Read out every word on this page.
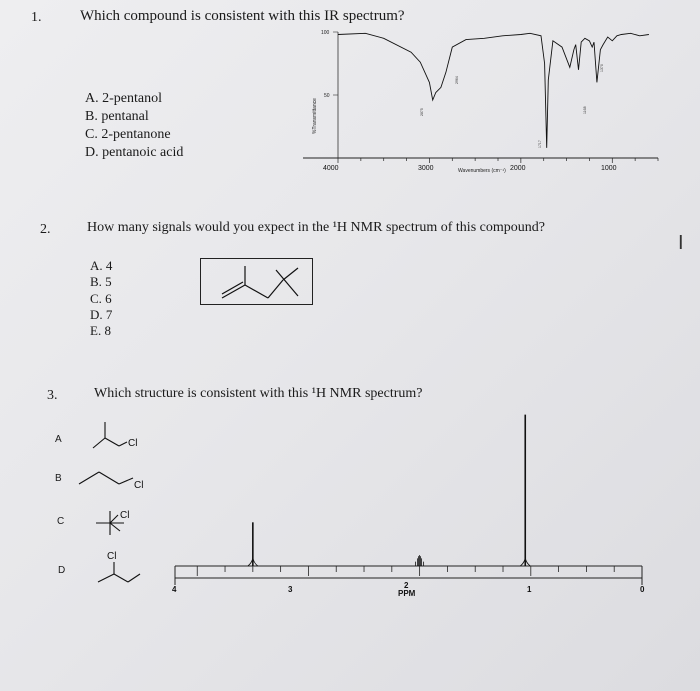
1.	Which compound is consistent with this IR spectrum?
A. 2-pentanol
B. pentanal
C. 2-pentanone
D. pentanoic acid
100
50
%Transmittance
4000	3000	2000	1000
Wavenumbers (cm⁻¹)
2964
2875
1717
1370
1168
2.	How many signals would you expect in the ¹H NMR spectrum of this compound?
A. 4
B. 5
C. 6
D. 7
E. 8
I
3.	Which structure is consistent with this ¹H NMR spectrum?
A
B
C
D
Cl
Cl
Cl
Cl
4	3	2	1	0
PPM
